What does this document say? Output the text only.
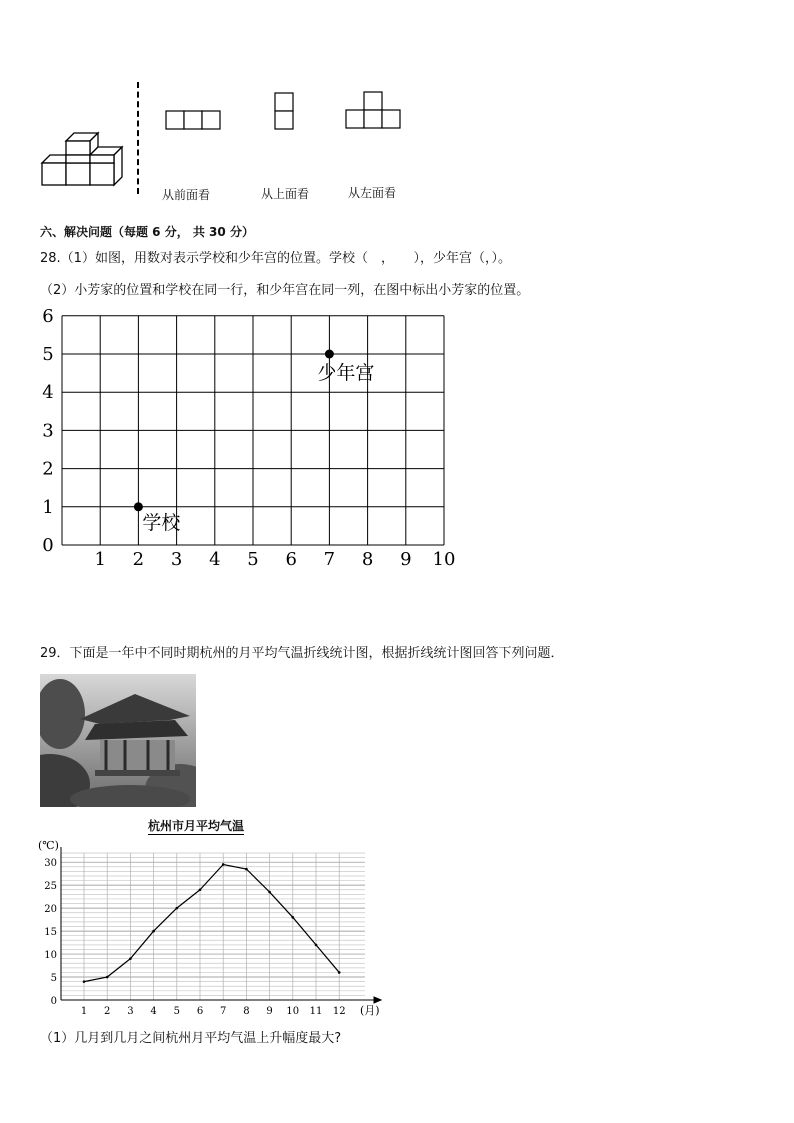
从前面看	从上面看	从左面看
六、解决问题（每题 6 分， 共 30 分）
28.（1）如图，用数对表示学校和少年宫的位置。学校（　，　　），少年宫（，）。
（2）小芳家的位置和学校在同一行，和少年宫在同一列，在图中标出小芳家的位置。
1 2 3 4 5 6 7 8 9 10
0
1
2
3
4
5
6
学校
少年宫
29．下面是一年中不同时期杭州的月平均气温折线统计图，根据折线统计图回答下列问题．
杭州市月平均气温
(℃)
(月)
0
5
10
15
20
25
30
1 2 3 4 5 6 7 8 9 10 11 12
（1）几月到几月之间杭州月平均气温上升幅度最大?
